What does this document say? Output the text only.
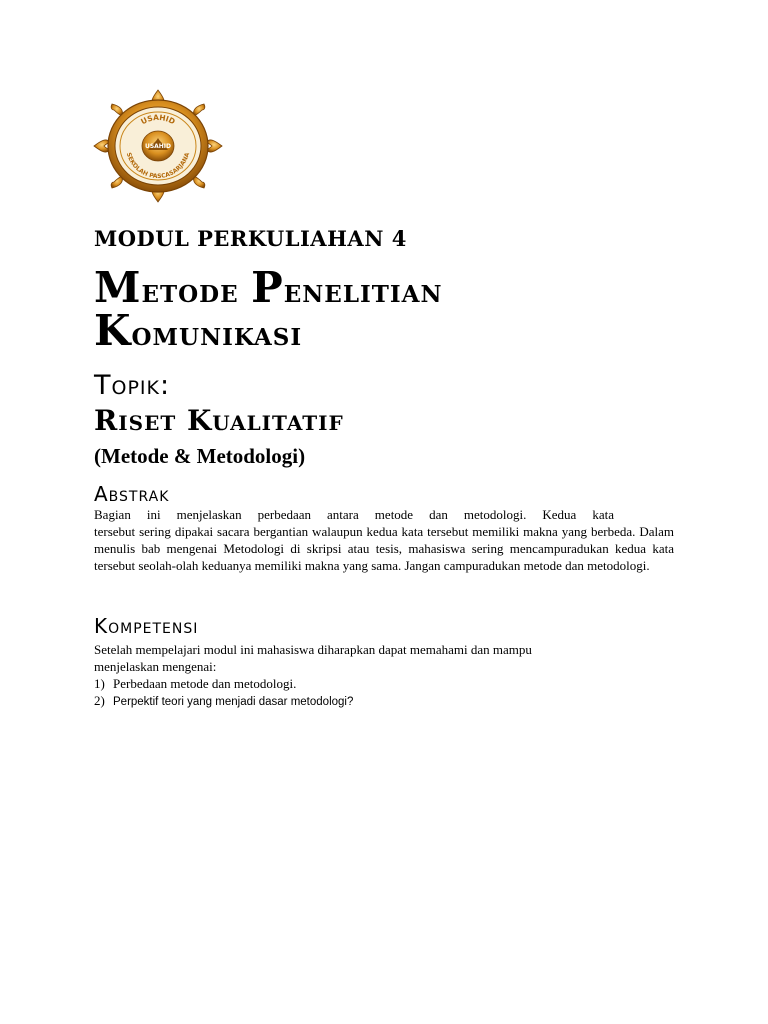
USAHID
USAHID
SEKOLAH PASCASARJANA
MODUL PERKULIAHAN 4
Metode Penelitian
Komunikasi
Topik:
Riset Kualitatif
(Metode & Metodologi)
Abstrak
Bagian ini menjelaskan perbedaan antara metode dan metodologi. Kedua kata
tersebut sering dipakai sacara bergantian walaupun kedua kata tersebut memiliki makna yang berbeda. Dalam menulis bab mengenai Metodologi di skripsi atau tesis, mahasiswa sering mencampuradukan kedua kata tersebut seolah-olah keduanya memiliki makna yang sama. Jangan campuradukan metode dan metodologi.
Kompetensi
Setelah mempelajari modul ini mahasiswa diharapkan dapat memahami dan mampu
menjelaskan mengenai:
1) Perbedaan metode dan metodologi.
2) Perpektif teori yang menjadi dasar metodologi?
